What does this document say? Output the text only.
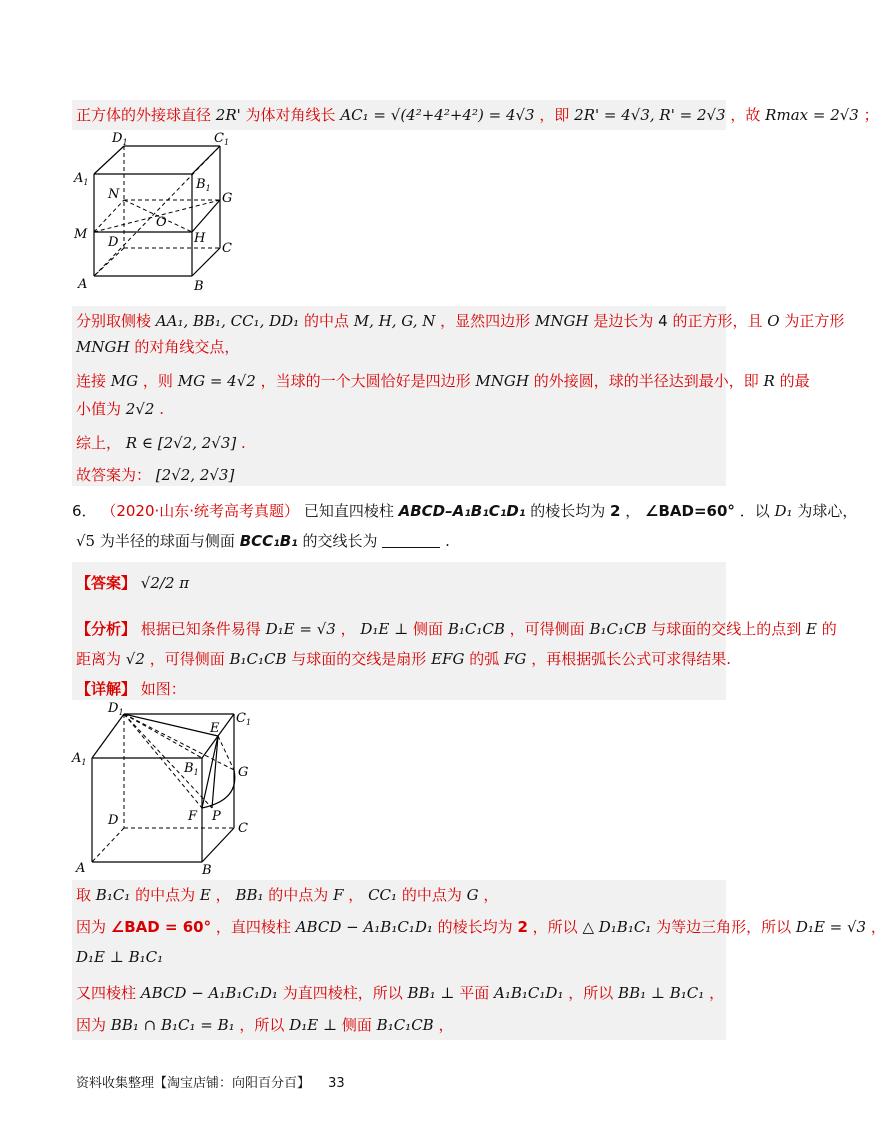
正方体的外接球直径 2R' 为体对角线长 AC₁ = √(4²+4²+4²) = 4√3 ，即 2R' = 4√3, R' = 2√3 ，故 Rmax = 2√3 ；
$D_1$	$C_1$
$A_1$	$B_1$
N	G
O
M
D	H
C
A	B
分别取侧棱 AA₁, BB₁, CC₁, DD₁ 的中点 M, H, G, N ，显然四边形 MNGH 是边长为 4 的正方形，且 O 为正方形
MNGH 的对角线交点，
连接 MG ，则 MG = 4√2 ，当球的一个大圆恰好是四边形 MNGH 的外接圆，球的半径达到最小，即 R 的最
小值为 2√2 .
综上， R ∈ [2√2, 2√3] .
故答案为： [2√2, 2√3]
6． （2020·山东·统考高考真题） 已知直四棱柱 ABCD–A₁B₁C₁D₁ 的棱长均为 2 ， ∠BAD=60° ．以 D₁ 为球心，
√5 为半径的球面与侧面 BCC₁B₁ 的交线长为	.
【答案】 √2/2 π
【分析】 根据已知条件易得 D₁E = √3 ， D₁E ⊥ 侧面 B₁C₁CB ，可得侧面 B₁C₁CB 与球面的交线上的点到 E 的
距离为 √2 ，可得侧面 B₁C₁CB 与球面的交线是扇形 EFG 的弧 FG ，再根据弧长公式可求得结果.
【详解】 如图：
$D_1$	$C_1$
E
$A_1$	$B_1$	G
F P
D
C
A	B
取 B₁C₁ 的中点为 E ， BB₁ 的中点为 F ， CC₁ 的中点为 G ，
因为 ∠BAD = 60° ，直四棱柱 ABCD − A₁B₁C₁D₁ 的棱长均为 2 ，所以 △ D₁B₁C₁ 为等边三角形，所以 D₁E = √3 ，
D₁E ⊥ B₁C₁
又四棱柱 ABCD − A₁B₁C₁D₁ 为直四棱柱，所以 BB₁ ⊥ 平面 A₁B₁C₁D₁ ，所以 BB₁ ⊥ B₁C₁ ，
因为 BB₁ ∩ B₁C₁ = B₁ ，所以 D₁E ⊥ 侧面 B₁C₁CB ，
资料收集整理【淘宝店铺：向阳百分百】 33
